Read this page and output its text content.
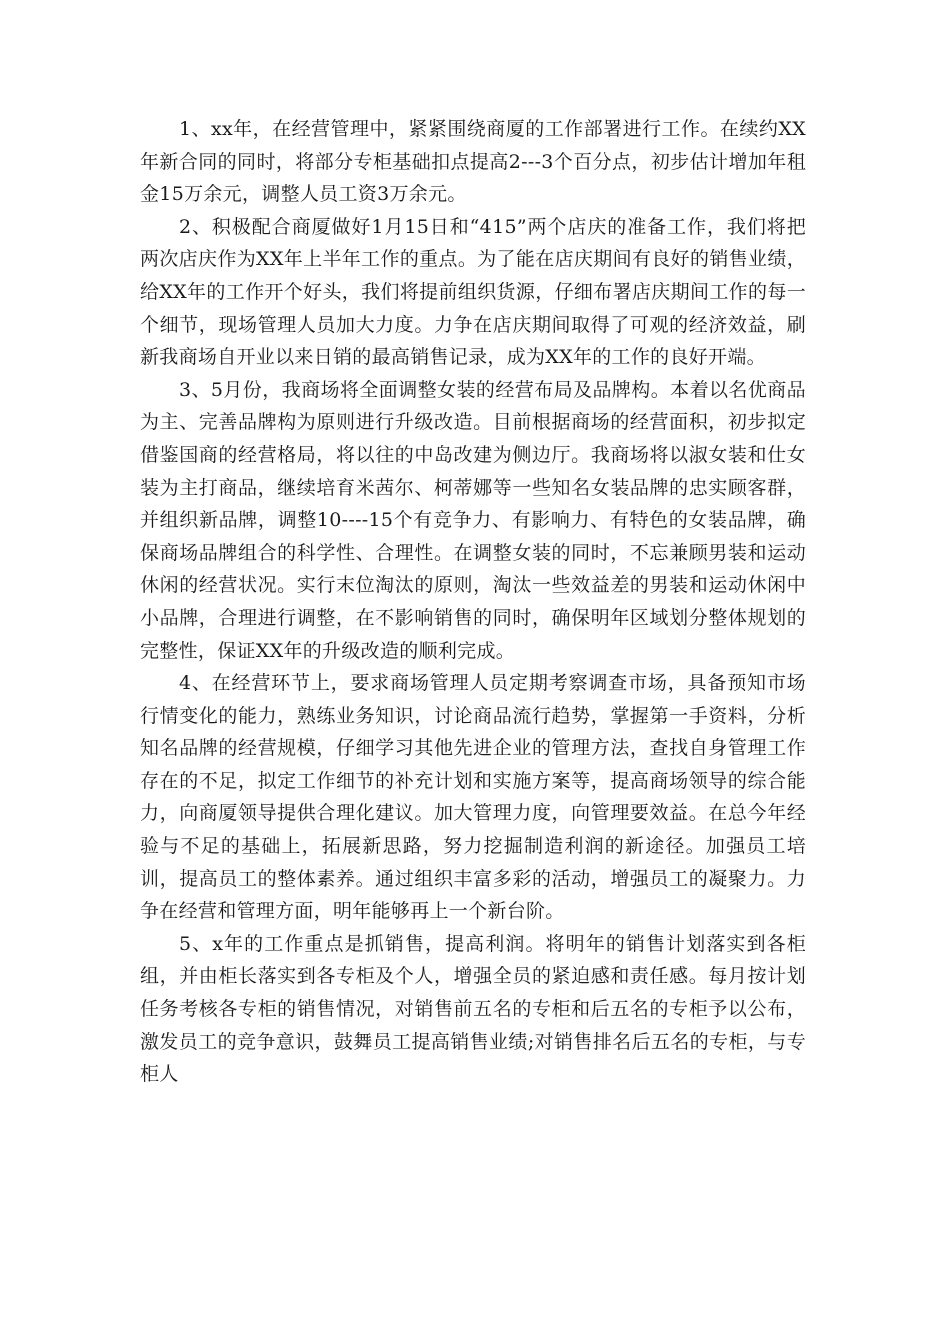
1、xx年，在经营管理中，紧紧围绕商厦的工作部署进行工作。在续约XX年新合同的同时，将部分专柜基础扣点提高2---3个百分点，初步估计增加年租金15万余元，调整人员工资3万余元。

2、积极配合商厦做好1月15日和“415”两个店庆的准备工作，我们将把两次店庆作为XX年上半年工作的重点。为了能在店庆期间有良好的销售业绩，给XX年的工作开个好头，我们将提前组织货源，仔细布署店庆期间工作的每一个细节，现场管理人员加大力度。力争在店庆期间取得了可观的经济效益，刷新我商场自开业以来日销的最高销售记录，成为XX年的工作的良好开端。

3、5月份，我商场将全面调整女装的经营布局及品牌构。本着以名优商品为主、完善品牌构为原则进行升级改造。目前根据商场的经营面积，初步拟定借鉴国商的经营格局，将以往的中岛改建为侧边厅。我商场将以淑女装和仕女装为主打商品，继续培育米茜尔、柯蒂娜等一些知名女装品牌的忠实顾客群，并组织新品牌，调整10----15个有竞争力、有影响力、有特色的女装品牌，确保商场品牌组合的科学性、合理性。在调整女装的同时，不忘兼顾男装和运动休闲的经营状况。实行末位淘汰的原则，淘汰一些效益差的男装和运动休闲中小品牌，合理进行调整，在不影响销售的同时，确保明年区域划分整体规划的完整性，保证XX年的升级改造的顺利完成。

4、在经营环节上，要求商场管理人员定期考察调查市场，具备预知市场行情变化的能力，熟练业务知识，讨论商品流行趋势，掌握第一手资料，分析知名品牌的经营规模，仔细学习其他先进企业的管理方法，查找自身管理工作存在的不足，拟定工作细节的补充计划和实施方案等，提高商场领导的综合能力，向商厦领导提供合理化建议。加大管理力度，向管理要效益。在总今年经验与不足的基础上，拓展新思路，努力挖掘制造利润的新途径。加强员工培训，提高员工的整体素养。通过组织丰富多彩的活动，增强员工的凝聚力。力争在经营和管理方面，明年能够再上一个新台阶。

5、x年的工作重点是抓销售，提高利润。将明年的销售计划落实到各柜组，并由柜长落实到各专柜及个人，增强全员的紧迫感和责任感。每月按计划任务考核各专柜的销售情况，对销售前五名的专柜和后五名的专柜予以公布，激发员工的竞争意识，鼓舞员工提高销售业绩;对销售排名后五名的专柜，与专柜人
